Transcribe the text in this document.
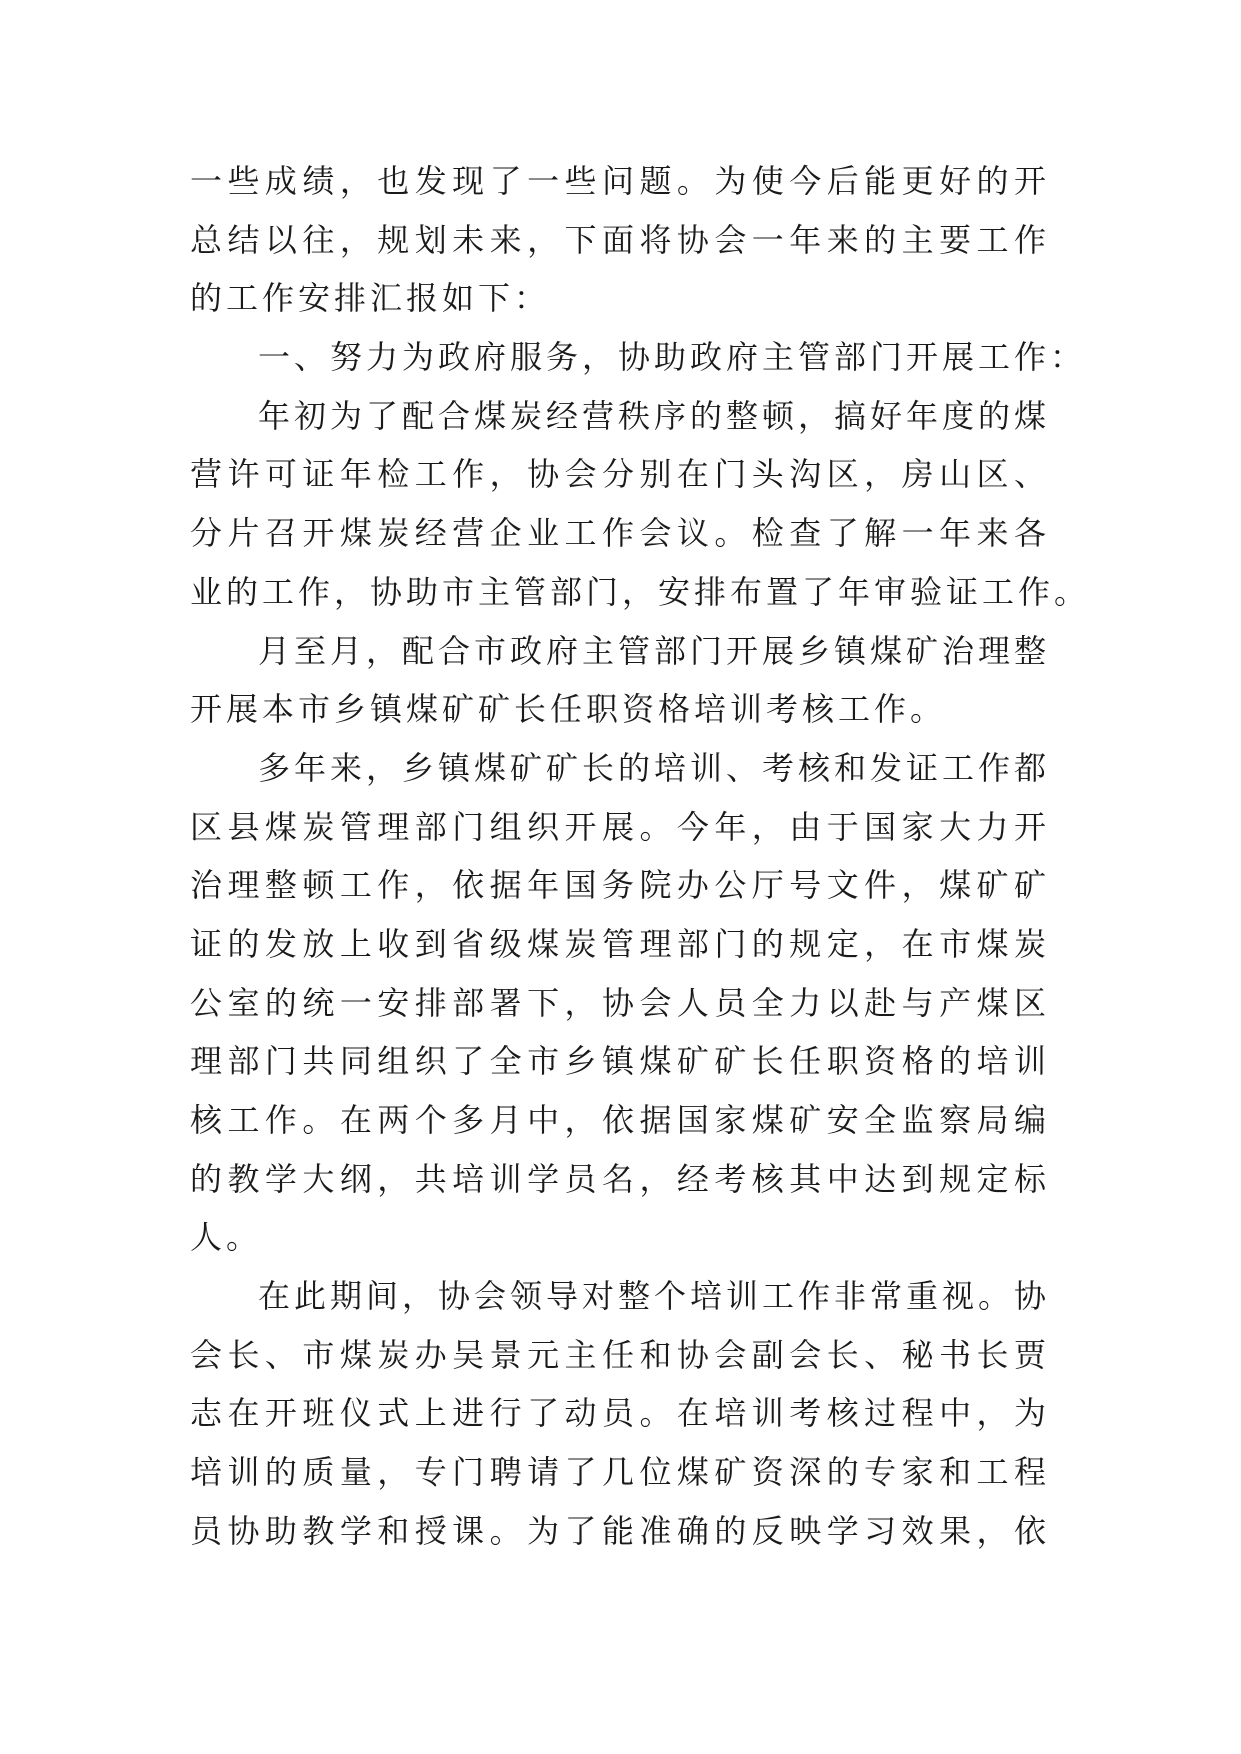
一些成绩，也发现了一些问题。为使今后能更好的开
总结以往，规划未来，下面将协会一年来的主要工作
的工作安排汇报如下：
一、努力为政府服务，协助政府主管部门开展工作：
年初为了配合煤炭经营秩序的整顿，搞好年度的煤
营许可证年检工作，协会分别在门头沟区，房山区、
分片召开煤炭经营企业工作会议。检查了解一年来各
业的工作，协助市主管部门，安排布置了年审验证工作。
月至月，配合市政府主管部门开展乡镇煤矿治理整
开展本市乡镇煤矿矿长任职资格培训考核工作。
多年来，乡镇煤矿矿长的培训、考核和发证工作都
区县煤炭管理部门组织开展。今年，由于国家大力开
治理整顿工作，依据年国务院办公厅号文件，煤矿矿
证的发放上收到省级煤炭管理部门的规定，在市煤炭
公室的统一安排部署下，协会人员全力以赴与产煤区
理部门共同组织了全市乡镇煤矿矿长任职资格的培训
核工作。在两个多月中，依据国家煤矿安全监察局编
的教学大纲，共培训学员名，经考核其中达到规定标
人。
在此期间，协会领导对整个培训工作非常重视。协
会长、市煤炭办吴景元主任和协会副会长、秘书长贾
志在开班仪式上进行了动员。在培训考核过程中，为
培训的质量，专门聘请了几位煤矿资深的专家和工程
员协助教学和授课。为了能准确的反映学习效果，依
